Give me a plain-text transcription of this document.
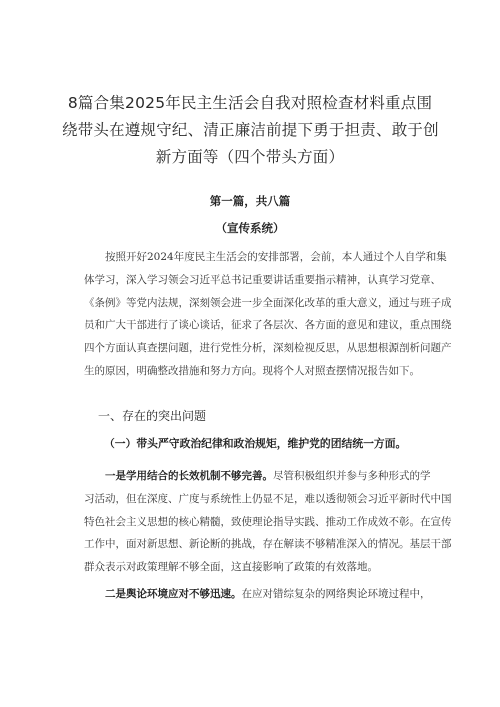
8篇合集2025年民主生活会自我对照检查材料重点围
绕带头在遵规守纪、清正廉洁前提下勇于担责、敢于创
新方面等（四个带头方面）
第一篇，共八篇
（宣传系统）
按照开好2024年度民主生活会的安排部署，会前，本人通过个人自学和集
体学习，深入学习领会习近平总书记重要讲话重要指示精神，认真学习党章、
《条例》等党内法规，深刻领会进一步全面深化改革的重大意义，通过与班子成
员和广大干部进行了谈心谈话，征求了各层次、各方面的意见和建议，重点围绕
四个方面认真查摆问题，进行党性分析，深刻检视反思，从思想根源剖析问题产
生的原因，明确整改措施和努力方向。现将个人对照查摆情况报告如下。
一、存在的突出问题
（一）带头严守政治纪律和政治规矩，维护党的团结统一方面。
一是学用结合的长效机制不够完善。尽管积极组织并参与多种形式的学
习活动，但在深度、广度与系统性上仍显不足，难以透彻领会习近平新时代中国
特色社会主义思想的核心精髓，致使理论指导实践、推动工作成效不彰。在宣传
工作中，面对新思想、新论断的挑战，存在解读不够精准深入的情况。基层干部
群众表示对政策理解不够全面，这直接影响了政策的有效落地。
二是舆论环境应对不够迅速。在应对错综复杂的网络舆论环境过程中，
